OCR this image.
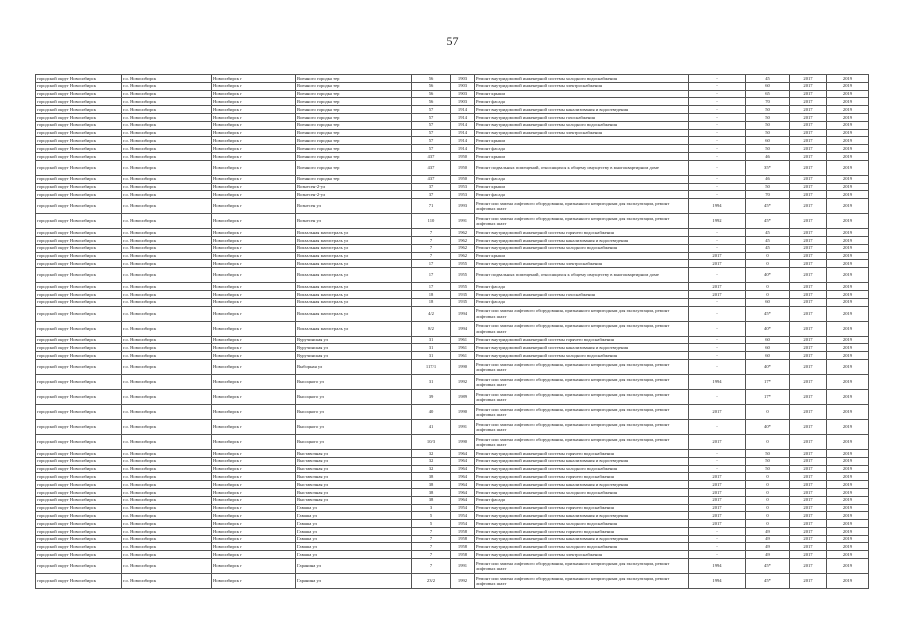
57
городской округ Новосибирск	г.о. Новосибирск	Новосибирск г	Военного городка тер	56	1903	Ремонт внутридомовой инженерной системы холодного водоснабжения	-	45	2017	2019
городской округ Новосибирск	г.о. Новосибирск	Новосибирск г	Военного городка тер	56	1903	Ремонт внутридомовой инженерной системы электроснабжения	-	60	2017	2019
городской округ Новосибирск	г.о. Новосибирск	Новосибирск г	Военного городка тер	56	1903	Ремонт крыши	-	65	2017	2019
городской округ Новосибирск	г.о. Новосибирск	Новосибирск г	Военного городка тер	56	1903	Ремонт фасада	-	70	2017	2019
городской округ Новосибирск	г.о. Новосибирск	Новосибирск г	Военного городка тер	57	1914	Ремонт внутридомовой инженерной системы канализования и водоотведения	-	50	2017	2019
городской округ Новосибирск	г.о. Новосибирск	Новосибирск г	Военного городка тер	57	1914	Ремонт внутридомовой инженерной системы газоснабжения	-	50	2017	2019
городской округ Новосибирск	г.о. Новосибирск	Новосибирск г	Военного городка тер	57	1914	Ремонт внутридомовой инженерной системы холодного водоснабжения	-	50	2017	2019
городской округ Новосибирск	г.о. Новосибирск	Новосибирск г	Военного городка тер	57	1914	Ремонт внутридомовой инженерной системы электроснабжения	-	50	2017	2019
городской округ Новосибирск	г.о. Новосибирск	Новосибирск г	Военного городка тер	57	1914	Ремонт крыши	-	60	2017	2019
городской округ Новосибирск	г.о. Новосибирск	Новосибирск г	Военного городка тер	57	1914	Ремонт фасада	-	50	2017	2019
городской округ Новосибирск	г.о. Новосибирск	Новосибирск г	Военного городка тер	437	1950	Ремонт крыши	-	46	2017	2019
городской округ Новосибирск	г.о. Новосибирск	Новосибирск г	Военного городка тер	437	1950	Ремонт подвальных помещений, относящихся к общему имуществу в многоквартирном доме	-	35*	2017	2019
городской округ Новосибирск	г.о. Новосибирск	Новосибирск г	Военного городка тер	437	1950	Ремонт фасада	-	46	2017	2019
городской округ Новосибирск	г.о. Новосибирск	Новосибирск г	Вознесен-2-ул	37	1953	Ремонт крыши	-	50	2017	2019
городской округ Новосибирск	г.о. Новосибирск	Новосибирск г	Вознесен-2-ул	37	1953	Ремонт фасада	-	70	2017	2019
городской округ Новосибирск	г.о. Новосибирск	Новосибирск г	Вознесен ул	71	1993	Ремонт или замена лифтового оборудования, признанного непригодным для эксплуатации, ремонт лифтовых шахт	1994	45*	2017	2019
городской округ Новосибирск	г.о. Новосибирск	Новосибирск г	Вознесен ул	110	1991	Ремонт или замена лифтового оборудования, признанного непригодным для эксплуатации, ремонт лифтовых шахт	1992	45*	2017	2019
городской округ Новосибирск	г.о. Новосибирск	Новосибирск г	Вокзальная магистраль ул	7	1962	Ремонт внутридомовой инженерной системы горячего водоснабжения	-	45	2017	2019
городской округ Новосибирск	г.о. Новосибирск	Новосибирск г	Вокзальная магистраль ул	7	1962	Ремонт внутридомовой инженерной системы канализования и водоотведения	-	45	2017	2019
городской округ Новосибирск	г.о. Новосибирск	Новосибирск г	Вокзальная магистраль ул	7	1962	Ремонт внутридомовой инженерной системы холодного водоснабжения	-	45	2017	2019
городской округ Новосибирск	г.о. Новосибирск	Новосибирск г	Вокзальная магистраль ул	7	1962	Ремонт крыши	2017	0	2017	2019
городской округ Новосибирск	г.о. Новосибирск	Новосибирск г	Вокзальная магистраль ул	17	1955	Ремонт внутридомовой инженерной системы электроснабжения	2017	0	2017	2019
городской округ Новосибирск	г.о. Новосибирск	Новосибирск г	Вокзальная магистраль ул	17	1955	Ремонт подвальных помещений, относящихся к общему имуществу в многоквартирном доме	-	40*	2017	2019
городской округ Новосибирск	г.о. Новосибирск	Новосибирск г	Вокзальная магистраль ул	17	1955	Ремонт фасада	2017	0	2017	2019
городской округ Новосибирск	г.о. Новосибирск	Новосибирск г	Вокзальная магистраль ул	18	1935	Ремонт внутридомовой инженерной системы газоснабжения	2017	0	2017	2019
городской округ Новосибирск	г.о. Новосибирск	Новосибирск г	Вокзальная магистраль ул	18	1935	Ремонт фасада	-	60	2017	2019
городской округ Новосибирск	г.о. Новосибирск	Новосибирск г	Вокзальная магистраль ул	4/2	1994	Ремонт или замена лифтового оборудования, признанного непригодным для эксплуатации, ремонт лифтовых шахт	-	45*	2017	2019
городской округ Новосибирск	г.о. Новосибирск	Новосибирск г	Вокзальная магистраль ул	8/2	1994	Ремонт или замена лифтового оборудования, признанного непригодным для эксплуатации, ремонт лифтовых шахт	-	40*	2017	2019
городской округ Новосибирск	г.о. Новосибирск	Новосибирск г	Вуручинская ул	31	1961	Ремонт внутридомовой инженерной системы горячего водоснабжения	-	60	2017	2019
городской округ Новосибирск	г.о. Новосибирск	Новосибирск г	Вуручинская ул	31	1961	Ремонт внутридомовой инженерной системы канализования и водоотведения	-	60	2017	2019
городской округ Новосибирск	г.о. Новосибирск	Новосибирск г	Вуручинская ул	31	1961	Ремонт внутридомовой инженерной системы холодного водоснабжения	-	60	2017	2019
городской округ Новосибирск	г.о. Новосибирск	Новосибирск г	Выборная ул	117/1	1990	Ремонт или замена лифтового оборудования, признанного непригодным для эксплуатации, ремонт лифтовых шахт	-	40*	2017	2019
городской округ Новосибирск	г.о. Новосибирск	Новосибирск г	Высоцкого ул	31	1992	Ремонт или замена лифтового оборудования, признанного непригодным для эксплуатации, ремонт лифтовых шахт	1994	17*	2017	2019
городской округ Новосибирск	г.о. Новосибирск	Новосибирск г	Высоцкого ул	39	1989	Ремонт или замена лифтового оборудования, признанного непригодным для эксплуатации, ремонт лифтовых шахт	-	17*	2017	2019
городской округ Новосибирск	г.о. Новосибирск	Новосибирск г	Высоцкого ул	40	1990	Ремонт или замена лифтового оборудования, признанного непригодным для эксплуатации, ремонт лифтовых шахт	2017	0	2017	2019
городской округ Новосибирск	г.о. Новосибирск	Новосибирск г	Высоцкого ул	41	1991	Ремонт или замена лифтового оборудования, признанного непригодным для эксплуатации, ремонт лифтовых шахт	-	40*	2017	2019
городской округ Новосибирск	г.о. Новосибирск	Новосибирск г	Высоцкого ул	10/3	1990	Ремонт или замена лифтового оборудования, признанного непригодным для эксплуатации, ремонт лифтовых шахт	2017	0	2017	2019
городской округ Новосибирск	г.о. Новосибирск	Новосибирск г	Выставочная ул	32	1964	Ремонт внутридомовой инженерной системы горячего водоснабжения	-	50	2017	2019
городской округ Новосибирск	г.о. Новосибирск	Новосибирск г	Выставочная ул	32	1964	Ремонт внутридомовой инженерной системы канализования и водоотведения	-	50	2017	2019
городской округ Новосибирск	г.о. Новосибирск	Новосибирск г	Выставочная ул	32	1964	Ремонт внутридомовой инженерной системы холодного водоснабжения	-	50	2017	2019
городской округ Новосибирск	г.о. Новосибирск	Новосибирск г	Выставочная ул	38	1964	Ремонт внутридомовой инженерной системы горячего водоснабжения	2017	0	2017	2019
городской округ Новосибирск	г.о. Новосибирск	Новосибирск г	Выставочная ул	38	1964	Ремонт внутридомовой инженерной системы канализования и водоотведения	2017	0	2017	2019
городской округ Новосибирск	г.о. Новосибирск	Новосибирск г	Выставочная ул	38	1964	Ремонт внутридомовой инженерной системы холодного водоснабжения	2017	0	2017	2019
городской округ Новосибирск	г.о. Новосибирск	Новосибирск г	Выставочная ул	38	1964	Ремонт фасада	2017	0	2017	2019
городской округ Новосибирск	г.о. Новосибирск	Новосибирск г	Гаваша ул	3	1954	Ремонт внутридомовой инженерной системы горячего водоснабжения	2017	0	2017	2019
городской округ Новосибирск	г.о. Новосибирск	Новосибирск г	Гаваша ул	5	1954	Ремонт внутридомовой инженерной системы канализования и водоотведения	2017	0	2017	2019
городской округ Новосибирск	г.о. Новосибирск	Новосибирск г	Гаваша ул	5	1954	Ремонт внутридомовой инженерной системы холодного водоснабжения	2017	0	2017	2019
городской округ Новосибирск	г.о. Новосибирск	Новосибирск г	Гаваша ул	7	1958	Ремонт внутридомовой инженерной системы горячего водоснабжения	-	49	2017	2019
городской округ Новосибирск	г.о. Новосибирск	Новосибирск г	Гаваша ул	7	1958	Ремонт внутридомовой инженерной системы канализования и водоотведения	-	49	2017	2019
городской округ Новосибирск	г.о. Новосибирск	Новосибирск г	Гаваша ул	7	1958	Ремонт внутридомовой инженерной системы холодного водоснабжения	-	49	2017	2019
городской округ Новосибирск	г.о. Новосибирск	Новосибирск г	Гаваша ул	7	1958	Ремонт внутридомовой инженерной системы электроснабжения	-	49	2017	2019
городской округ Новосибирск	г.о. Новосибирск	Новосибирск г	Гаранина ул	7	1991	Ремонт или замена лифтового оборудования, признанного непригодным для эксплуатации, ремонт лифтовых шахт	1994	45*	2017	2019
городской округ Новосибирск	г.о. Новосибирск	Новосибирск г	Гаранина ул	23/2	1992	Ремонт или замена лифтового оборудования, признанного непригодным для эксплуатации, ремонт лифтовых шахт	1994	45*	2017	2019
